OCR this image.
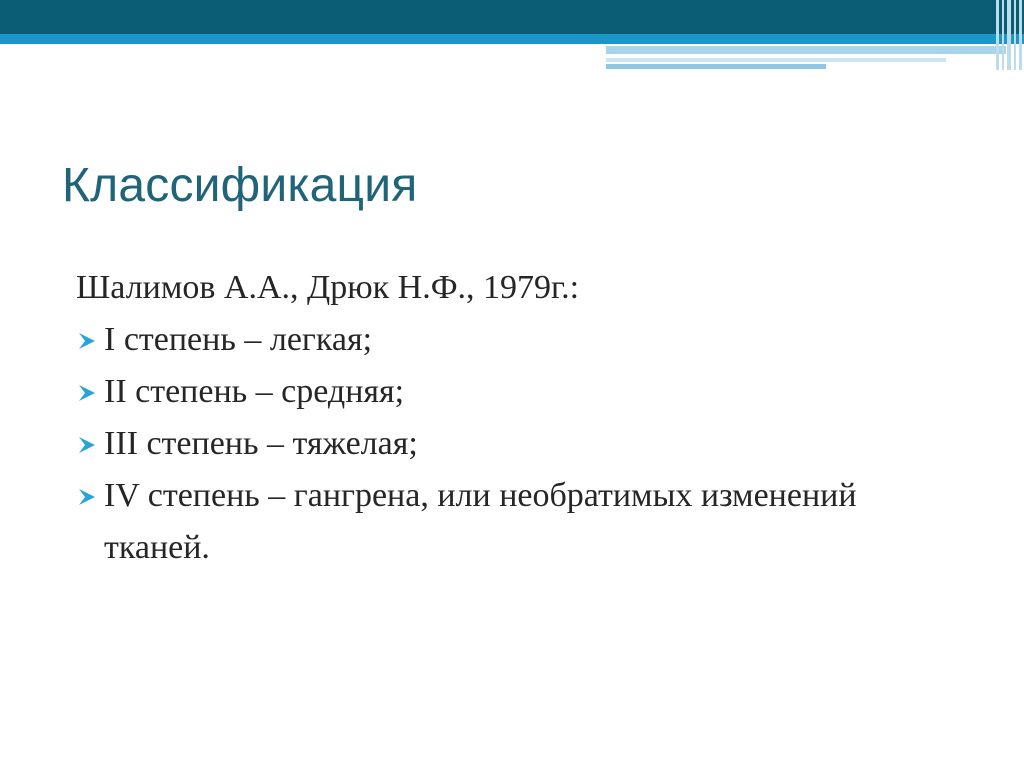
Классификация

Шалимов А.А., Дрюк Н.Ф., 1979г.:

I степень – легкая;
II степень – средняя;
III степень – тяжелая;
IV степень – гангрена, или необратимых изменений тканей.
